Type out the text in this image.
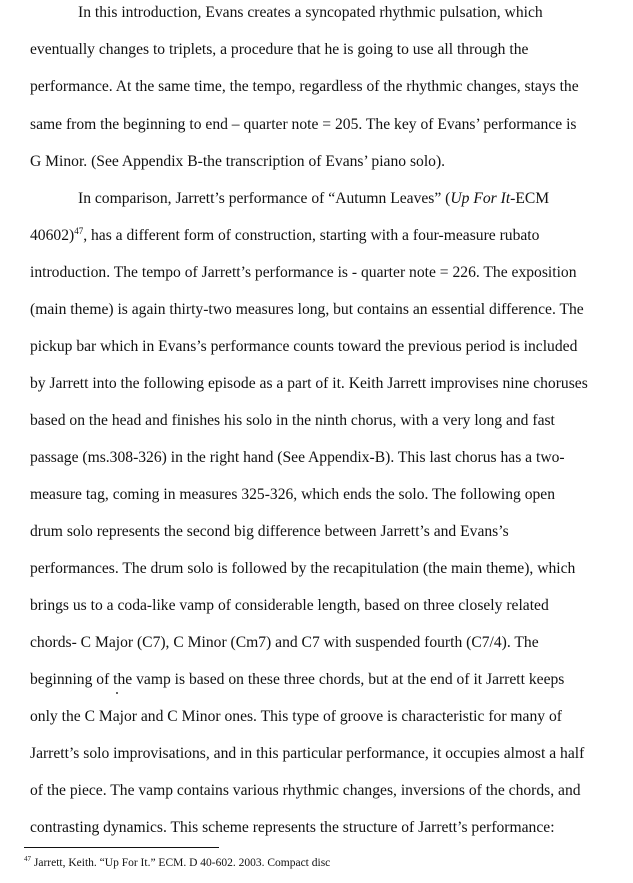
In this introduction, Evans creates a syncopated rhythmic pulsation, which
eventually changes to triplets, a procedure that he is going to use all through the
performance. At the same time, the tempo, regardless of the rhythmic changes, stays the
same from the beginning to end – quarter note = 205. The key of Evans’ performance is
G Minor. (See Appendix B-the transcription of Evans’ piano solo).
In comparison, Jarrett’s performance of “Autumn Leaves” (Up For It-ECM
40602)$^{47}$, has a different form of construction, starting with a four-measure rubato
introduction. The tempo of Jarrett’s performance is - quarter note = 226. The exposition
(main theme) is again thirty-two measures long, but contains an essential difference. The
pickup bar which in Evans’s performance counts toward the previous period is included
by Jarrett into the following episode as a part of it. Keith Jarrett improvises nine choruses
based on the head and finishes his solo in the ninth chorus, with a very long and fast
passage (ms.308-326) in the right hand (See Appendix-B). This last chorus has a two-
measure tag, coming in measures 325-326, which ends the solo. The following open
drum solo represents the second big difference between Jarrett’s and Evans’s
performances. The drum solo is followed by the recapitulation (the main theme), which
brings us to a coda-like vamp of considerable length, based on three closely related
chords- C Major (C7), C Minor (Cm7) and C7 with suspended fourth (C7/4). The
beginning of the vamp is based on these three chords, but at the end of it Jarrett keeps
only the C Major and C Minor ones. This type of groove is characteristic for many of
Jarrett’s solo improvisations, and in this particular performance, it occupies almost a half
of the piece. The vamp contains various rhythmic changes, inversions of the chords, and
contrasting dynamics. This scheme represents the structure of Jarrett’s performance:
$^{47}$ Jarrett, Keith. “Up For It.” ECM. D 40-602. 2003. Compact disc
